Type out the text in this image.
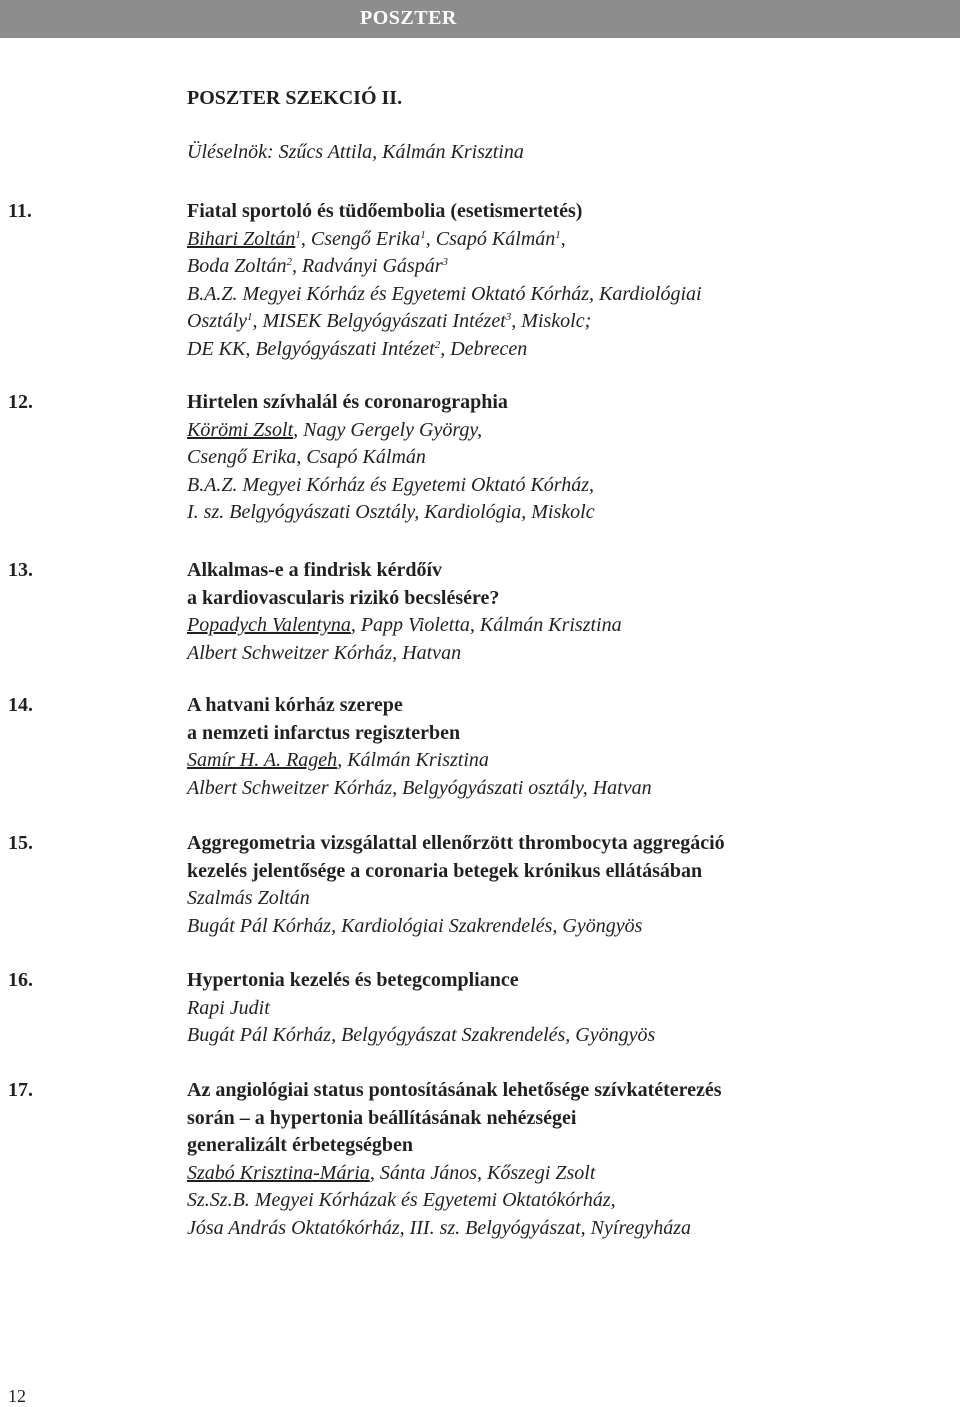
POSZTER
POSZTER SZEKCIÓ II.
Üléselnök: Szűcs Attila, Kálmán Krisztina
11.	Fiatal sportoló és tüdőembolia (esetismertetés)
Bihari Zoltán$^1$, Csengő Erika$^1$, Csapó Kálmán$^1$,
Boda Zoltán$^2$, Radványi Gáspár$^3$
B.A.Z. Megyei Kórház és Egyetemi Oktató Kórház, Kardiológiai
Osztály$^1$, MISEK Belgyógyászati Intézet$^3$, Miskolc;
DE KK, Belgyógyászati Intézet$^2$, Debrecen
12.	Hirtelen szívhalál és coronarographia
Körömi Zsolt, Nagy Gergely György,
Csengő Erika, Csapó Kálmán
B.A.Z. Megyei Kórház és Egyetemi Oktató Kórház,
I. sz. Belgyógyászati Osztály, Kardiológia, Miskolc
13.	Alkalmas-e a findrisk kérdőív
a kardiovascularis rizikó becslésére?
Popadych Valentyna, Papp Violetta, Kálmán Krisztina
Albert Schweitzer Kórház, Hatvan
14.	A hatvani kórház szerepe
a nemzeti infarctus regiszterben
Samír H. A. Rageh, Kálmán Krisztina
Albert Schweitzer Kórház, Belgyógyászati osztály, Hatvan
15.	Aggregometria vizsgálattal ellenőrzött thrombocyta aggregáció
kezelés jelentősége a coronaria betegek krónikus ellátásában
Szalmás Zoltán
Bugát Pál Kórház, Kardiológiai Szakrendelés, Gyöngyös
16.	Hypertonia kezelés és betegcompliance
Rapi Judit
Bugát Pál Kórház, Belgyógyászat Szakrendelés, Gyöngyös
17.	Az angiológiai status pontosításának lehetősége szívkatéterezés
során – a hypertonia beállításának nehézségei
generalizált érbetegségben
Szabó Krisztina-Mária, Sánta János, Kőszegi Zsolt
Sz.Sz.B. Megyei Kórházak és Egyetemi Oktatókórház,
Jósa András Oktatókórház, III. sz. Belgyógyászat, Nyíregyháza
12
